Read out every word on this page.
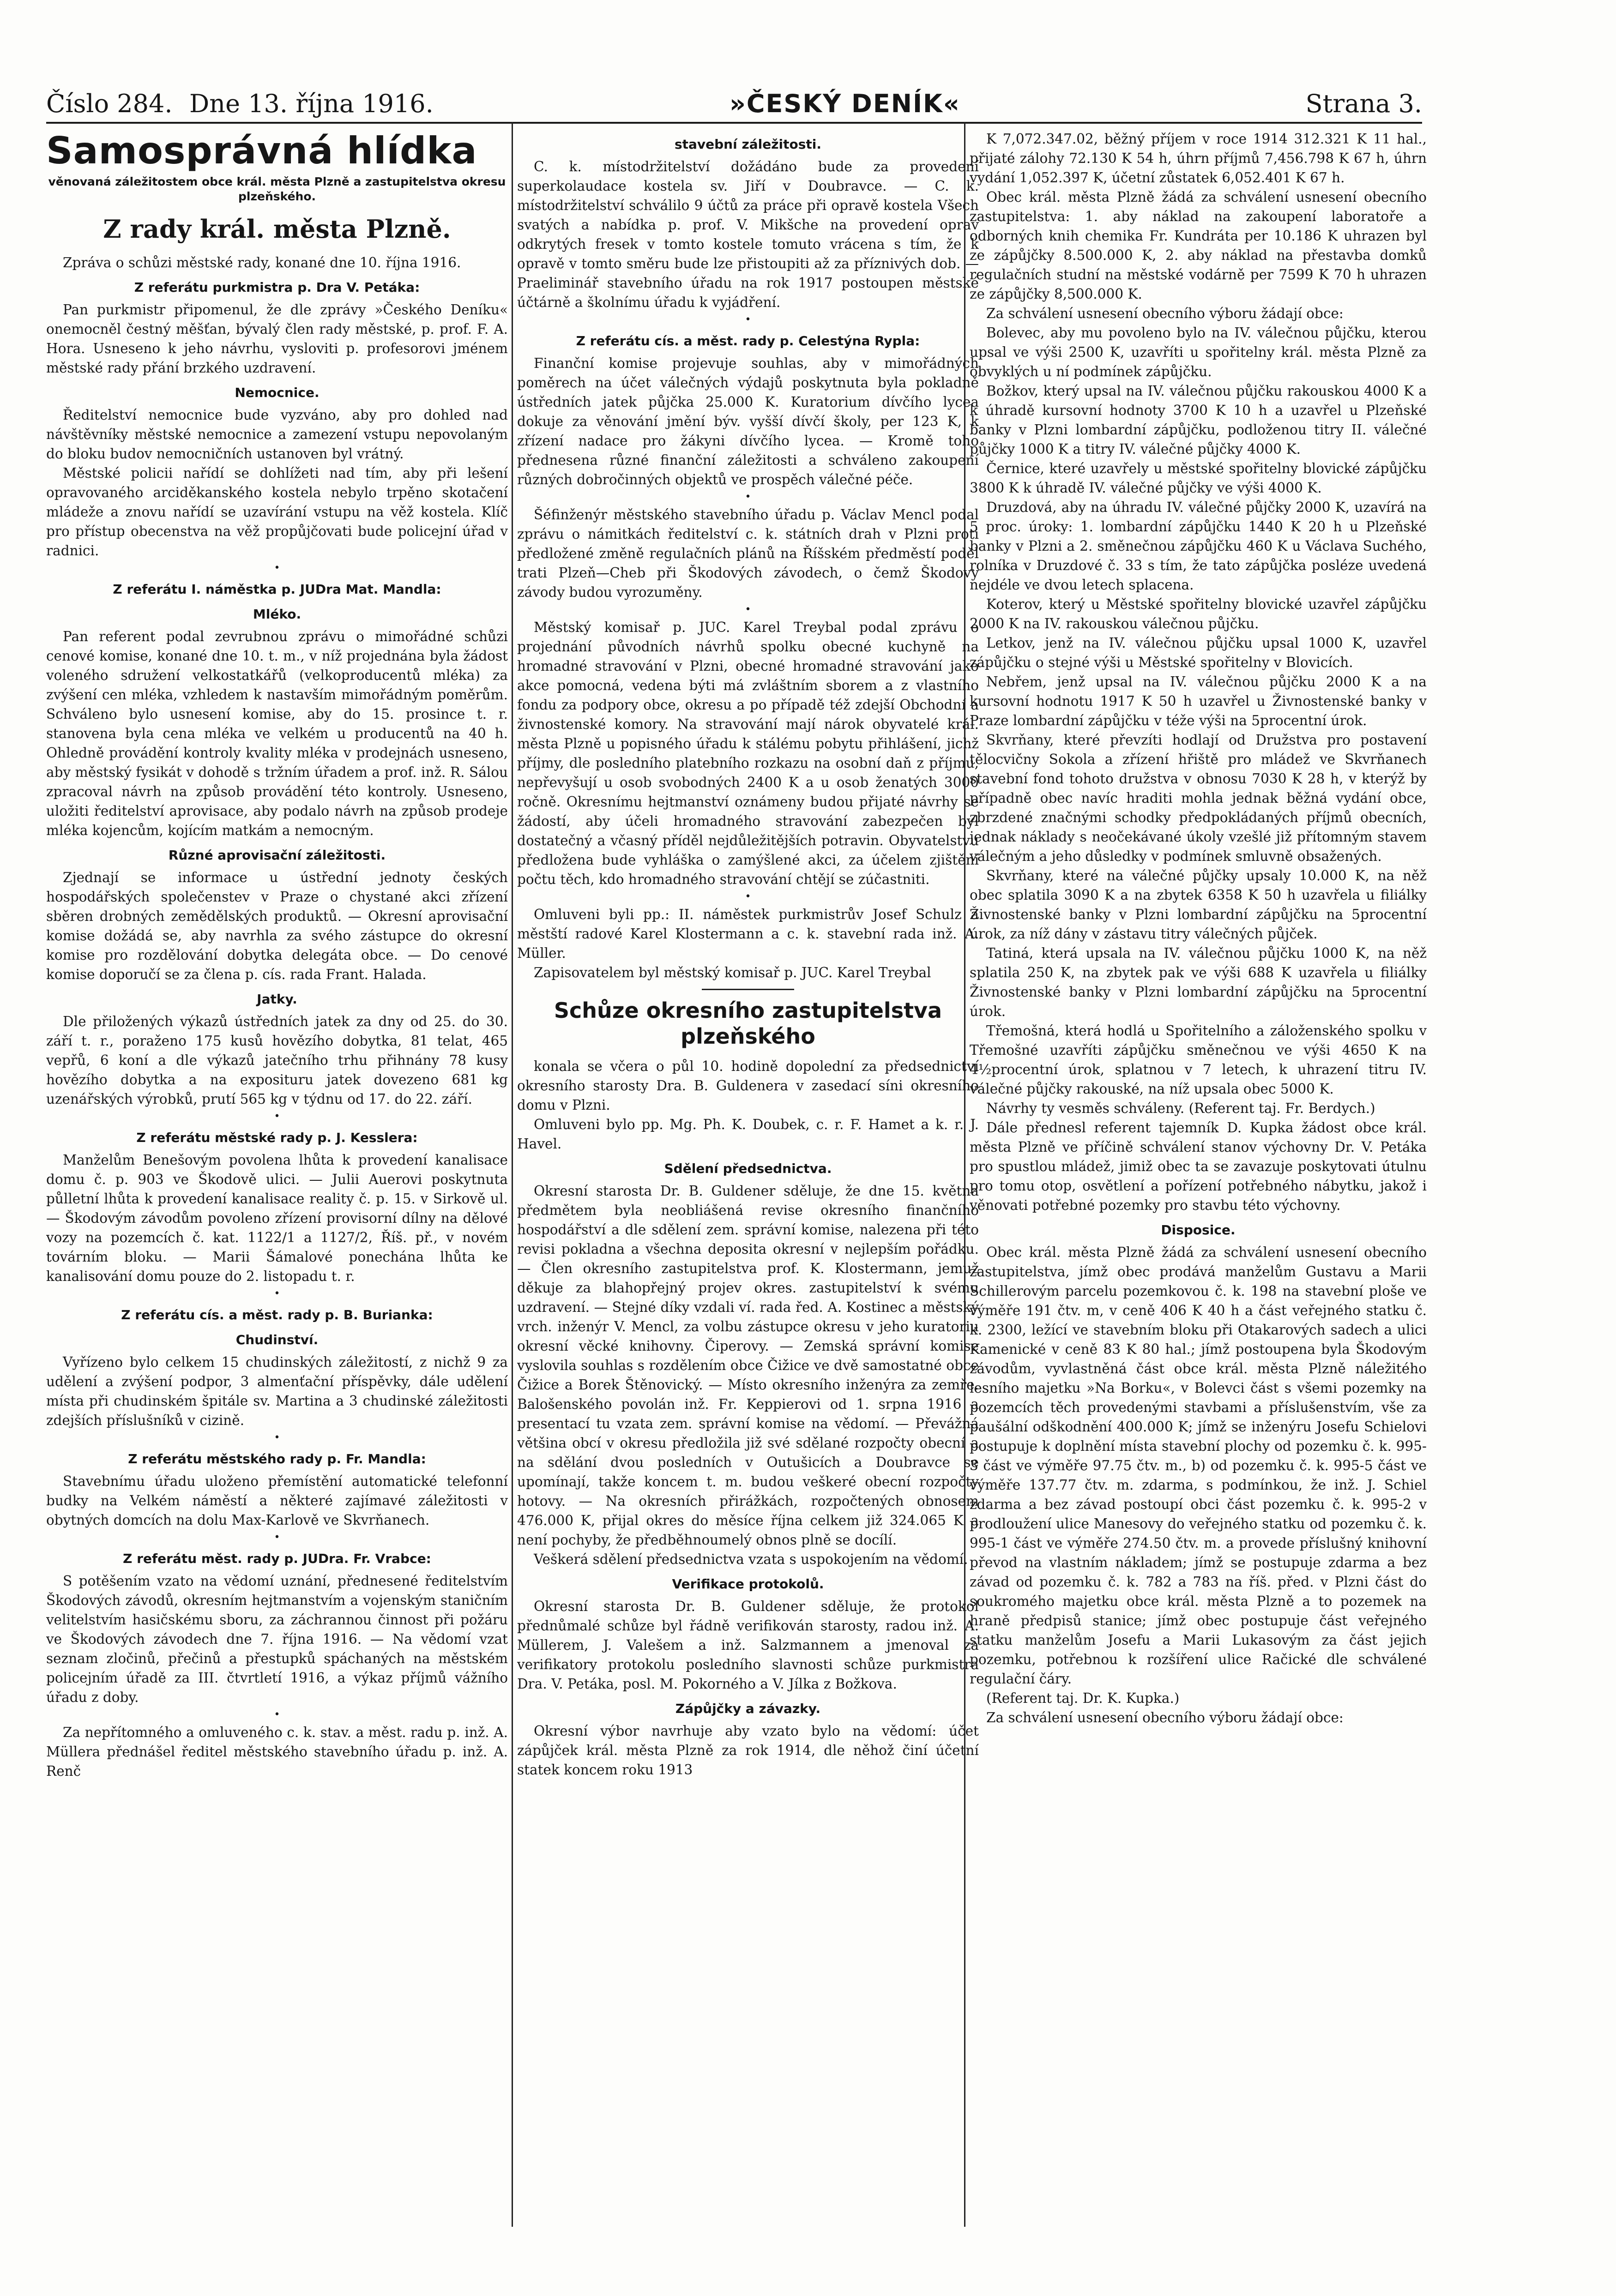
Číslo 284. Dne 13. října 1916.	»ČESKÝ DENÍK«	Strana 3.
Samosprávná hlídka
věnovaná záležitostem obce král. města Plzně a zastupitelstva okresu plzeňského.
Z rady král. města Plzně.

Zpráva o schůzi městské rady, konané dne 10. října 1916.

Z referátu purkmistra p. Dra V. Petáka:

Pan purkmistr připomenul, že dle zprávy »Českého Deníku« onemocněl čestný měšťan, bývalý člen rady městské, p. prof. F. A. Hora. Usneseno k jeho návrhu, vysloviti p. profesorovi jménem městské rady přání brzkého uzdravení.

Nemocnice.

Ředitelství nemocnice bude vyzváno, aby pro dohled nad návštěvníky městské nemocnice a zamezení vstupu nepovolaným do bloku budov nemocničních ustanoven byl vrátný.

Městské policii nařídí se dohlížeti nad tím, aby při lešení opravovaného arciděkanského kostela nebylo trpěno skotačení mládeže a znovu nařídí se uzavírání vstupu na věž kostela. Klíč pro přístup obecenstva na věž propůjčovati bude policejní úřad v radnici.

•

Z referátu I. náměstka p. JUDra Mat. Mandla:
Mléko.

Pan referent podal zevrubnou zprávu o mimořádné schůzi cenové komise, konané dne 10. t. m., v níž projednána byla žádost voleného sdružení velkostatkářů (velkoproducentů mléka) za zvýšení cen mléka, vzhledem k nastavším mimořádným poměrům. Schváleno bylo usnesení komise, aby do 15. prosince t. r. stanovena byla cena mléka ve velkém u producentů na 40 h. Ohledně provádění kontroly kvality mléka v prodejnách usneseno, aby městský fysikát v dohodě s tržním úřadem a prof. inž. R. Sálou zpracoval návrh na způsob provádění této kontroly. Usneseno, uložiti ředitelství aprovisace, aby podalo návrh na způsob prodeje mléka kojencům, kojícím matkám a nemocným.

Různé aprovisační záležitosti.

Zjednají se informace u ústřední jednoty českých hospodářských společenstev v Praze o chystané akci zřízení sběren drobných zemědělských produktů. — Okresní aprovisační komise dožádá se, aby navrhla za svého zástupce do okresní komise pro rozdělování dobytka delegáta obce. — Do cenové komise doporučí se za člena p. cís. rada Frant. Halada.

Jatky.

Dle přiložených výkazů ústředních jatek za dny od 25. do 30. září t. r., poraženo 175 kusů hovězího dobytka, 81 telat, 465 vepřů, 6 koní a dle výkazů jatečního trhu přihnány 78 kusy hovězího dobytka a na exposituru jatek dovezeno 681 kg uzenářských výrobků, prutí 565 kg v týdnu od 17. do 22. září.

•

Z referátu městské rady p. J. Kesslera:

Manželům Benešovým povolena lhůta k provedení kanalisace domu č. p. 903 ve Škodově ulici. — Julii Auerovi poskytnuta půlletní lhůta k provedení kanalisace reality č. p. 15. v Sirkově ul. — Škodovým závodům povoleno zřízení provisorní dílny na dělové vozy na pozemcích č. kat. 1122/1 a 1127/2, Říš. př., v novém továrním bloku. — Marii Šámalové ponechána lhůta ke kanalisování domu pouze do 2. listopadu t. r.

•

Z referátu cís. a měst. rady p. B. Burianka:
Chudinství.

Vyřízeno bylo celkem 15 chudinských záležitostí, z nichž 9 za udělení a zvýšení podpor, 3 almenťační příspěvky, dále udělení místa při chudinském špitále sv. Martina a 3 chudinské záležitosti zdejších příslušníků v cizině.

•

Z referátu městského rady p. Fr. Mandla:

Stavebnímu úřadu uloženo přemístění automatické telefonní budky na Velkém náměstí a některé zajímavé záležitosti v obytných domcích na dolu Max-Karlově ve Skvrňanech.

•

Z referátu měst. rady p. JUDra. Fr. Vrabce:

S potěšením vzato na vědomí uznání, přednesené ředitelstvím Škodových závodů, okresním hejtmanstvím a vojenským staničním velitelstvím hasičskému sboru, za záchrannou činnost při požáru ve Škodových závodech dne 7. října 1916. — Na vědomí vzat seznam zločinů, přečinů a přestupků spáchaných na městském policejním úřadě za III. čtvrtletí 1916, a výkaz příjmů vážního úřadu z doby.

•

Za nepřítomného a omluveného c. k. stav. a měst. radu p. inž. A. Müllera přednášel ředitel městského stavebního úřadu p. inž. A. Renč

stavební záležitosti.

C. k. místodržitelství dožádáno bude za provedení superkolaudace kostela sv. Jiří v Doubravce. — C. k. místodržitelství schválilo 9 účtů za práce při opravě kostela Všech svatých a nabídka p. prof. V. Mikšche na provedení oprav odkrytých fresek v tomto kostele tomuto vrácena s tím, že k opravě v tomto směru bude lze přistoupiti až za příznivých dob. — Praeliminář stavebního úřadu na rok 1917 postoupen městské účtárně a školnímu úřadu k vyjádření.

•

Z referátu cís. a měst. rady p. Celestýna Rypla:

Finanční komise projevuje souhlas, aby v mimořádných poměrech na účet válečných výdajů poskytnuta byla pokladně ústředních jatek půjčka 25.000 K. Kuratorium dívčího lycea dokuje za věnování jmění býv. vyšší dívčí školy, per 123 K, k zřízení nadace pro žákyni dívčího lycea. — Kromě toho přednesena různé finanční záležitosti a schváleno zakoupení různých dobročinných objektů ve prospěch válečné péče.

•

Šéfinženýr městského stavebního úřadu p. Václav Mencl podal zprávu o námitkách ředitelství c. k. státních drah v Plzni proti předložené změně regulačních plánů na Říšském předměstí poděl trati Plzeň—Cheb při Škodových závodech, o čemž Škodovy závody budou vyrozuměny.

•

Městský komisař p. JUC. Karel Treybal podal zprávu o projednání původních návrhů spolku obecné kuchyně na hromadné stravování v Plzni, obecné hromadné stravování jako akce pomocná, vedena býti má zvláštním sborem a z vlastního fondu za podpory obce, okresu a po případě též zdejší Obchodní a živnostenské komory. Na stravování mají nárok obyvatelé král. města Plzně u popisného úřadu k stálému pobytu přihlášení, jichž příjmy, dle posledního platebního rozkazu na osobní daň z příjmu, nepřevyšují u osob svobodných 2400 K a u osob ženatých 3000 ročně. Okresnímu hejtmanství oznámeny budou přijaté návrhy se žádostí, aby účeli hromadného stravování zabezpečen byl dostatečný a včasný příděl nejdůležitějších potravin. Obyvatelstvu předložena bude vyhláška o zamýšlené akci, za účelem zjištění počtu těch, kdo hromadného stravování chtějí se zúčastniti.

•

Omluveni byli pp.: II. náměstek purkmistrův Josef Schulz a městští radové Karel Klostermann a c. k. stavební rada inž. A. Müller.

Zapisovatelem byl městský komisař p. JUC. Karel Treybal

Schůze okresního zastupitelstva plzeňského

konala se včera o půl 10. hodině dopolední za předsednictví okresního starosty Dra. B. Guldenera v zasedací síni okresního domu v Plzni.

Omluveni bylo pp. Mg. Ph. K. Doubek, c. r. F. Hamet a k. r. J. Havel.

Sdělení předsednictva.

Okresní starosta Dr. B. Guldener sděluje, že dne 15. května předmětem byla neobliášená revise okresního finančního hospodářství a dle sdělení zem. správní komise, nalezena při této revisi pokladna a všechna deposita okresní v nejlepším pořádku. — Člen okresního zastupitelstva prof. K. Klostermann, jemuž děkuje za blahopřejný projev okres. zastupitelství k svému uzdravení. — Stejné díky vzdali ví. rada řed. A. Kostinec a městský vrch. inženýr V. Mencl, za volbu zástupce okresu v jeho kuratoriu okresní věcké knihovny. Čiperovy. — Zemská správní komise vyslovila souhlas s rozdělením obce Čižice ve dvě samostatné obce Čižice a Borek Štěnovický. — Místo okresního inženýra za zemře. Balošenského povolán inž. Fr. Keppierovi od 1. srpna 1916 a presentací tu vzata zem. správní komise na vědomí. — Převážná většina obcí v okresu předložila již své sdělané rozpočty obecní a na sdělání dvou posledních v Outušicích a Doubravce se upomínají, takže koncem t. m. budou veškeré obecní rozpočty hotovy. — Na okresních přirážkách, rozpočtených obnosem 476.000 K, přijal okres do měsíce října celkem již 324.065 K a není pochyby, že předběhnoumelý obnos plně se docílí.

Veškerá sdělení předsednictva vzata s uspokojením na vědomí.

Verifikace protokolů.

Okresní starosta Dr. B. Guldener sděluje, že protokol přednůmalé schůze byl řádně verifikován starosty, radou inž. A. Müllerem, J. Valešem a inž. Salzmannem a jmenoval za verifikatory protokolu posledního slavnosti schůze purkmistra Dra. V. Petáka, posl. M. Pokorného a V. Jílka z Božkova.

Zápůjčky a závazky.

Okresní výbor navrhuje aby vzato bylo na vědomí: účet zápůjček král. města Plzně za rok 1914, dle něhož činí účetní statek koncem roku 1913

K 7,072.347.02, běžný příjem v roce 1914 312.321 K 11 hal., přijaté zálohy 72.130 K 54 h, úhrn příjmů 7,456.798 K 67 h, úhrn vydání 1,052.397 K, účetní zůstatek 6,052.401 K 67 h.

Obec král. města Plzně žádá za schválení usnesení obecního zastupitelstva: 1. aby náklad na zakoupení laboratoře a odborných knih chemika Fr. Kundráta per 10.186 K uhrazen byl ze zápůjčky 8.500.000 K, 2. aby náklad na přestavba domků regulačních studní na městské vodárně per 7599 K 70 h uhrazen ze zápůjčky 8,500.000 K.

Za schválení usnesení obecního výboru žádají obce:

Bolevec, aby mu povoleno bylo na IV. válečnou půjčku, kterou upsal ve výši 2500 K, uzavříti u spořitelny král. města Plzně za obvyklých u ní podmínek zápůjčku.

Božkov, který upsal na IV. válečnou půjčku rakouskou 4000 K a k úhradě kursovní hodnoty 3700 K 10 h a uzavřel u Plzeňské banky v Plzni lombardní zápůjčku, podloženou titry II. válečné půjčky 1000 K a titry IV. válečné půjčky 4000 K.

Černice, které uzavřely u městské spořitelny blovické zápůjčku 3800 K k úhradě IV. válečné půjčky ve výši 4000 K.

Druzdová, aby na úhradu IV. válečné půjčky 2000 K, uzavírá na 5 proc. úroky: 1. lombardní zápůjčku 1440 K 20 h u Plzeňské banky v Plzni a 2. směnečnou zápůjčku 460 K u Václava Suchého, rolníka v Druzdové č. 33 s tím, že tato zápůjčka posléze uvedená nejdéle ve dvou letech splacena.

Koterov, který u Městské spořitelny blovické uzavřel zápůjčku 2000 K na IV. rakouskou válečnou půjčku.

Letkov, jenž na IV. válečnou půjčku upsal 1000 K, uzavřel zápůjčku o stejné výši u Městské spořitelny v Blovicích.

Nebřem, jenž upsal na IV. válečnou půjčku 2000 K a na kursovní hodnotu 1917 K 50 h uzavřel u Živnostenské banky v Praze lombardní zápůjčku v téže výši na 5procentní úrok.

Skvrňany, které převzíti hodlají od Družstva pro postavení tělocvičny Sokola a zřízení hřiště pro mládež ve Skvrňanech stavební fond tohoto družstva v obnosu 7030 K 28 h, v kterýž by případně obec navíc hraditi mohla jednak běžná vydání obce, zbrzdené značnými schodky předpokládaných příjmů obecních, jednak náklady s neočekávané úkoly vzešlé již přítomným stavem válečným a jeho důsledky v podmínek smluvně obsažených.

Skvrňany, které na válečné půjčky upsaly 10.000 K, na něž obec splatila 3090 K a na zbytek 6358 K 50 h uzavřela u filiálky Živnostenské banky v Plzni lombardní zápůjčku na 5procentní úrok, za níž dány v zástavu titry válečných půjček.

Tatiná, která upsala na IV. válečnou půjčku 1000 K, na něž splatila 250 K, na zbytek pak ve výši 688 K uzavřela u filiálky Živnostenské banky v Plzni lombardní zápůjčku na 5procentní úrok.

Třemošná, která hodlá u Spořitelního a záloženského spolku v Třemošné uzavříti zápůjčku směnečnou ve výši 4650 K na 4½procentní úrok, splatnou v 7 letech, k uhrazení titru IV. válečné půjčky rakouské, na níž upsala obec 5000 K.

Návrhy ty vesměs schváleny. (Referent taj. Fr. Berdych.)

Dále přednesl referent tajemník D. Kupka žádost obce král. města Plzně ve příčině schválení stanov výchovny Dr. V. Petáka pro spustlou mládež, jimiž obec ta se zavazuje poskytovati útulnu pro tomu otop, osvětlení a pořízení potřebného nábytku, jakož i věnovati potřebné pozemky pro stavbu této výchovny.

Disposice.

Obec král. města Plzně žádá za schválení usnesení obecního zastupitelstva, jímž obec prodává manželům Gustavu a Marii Schillerovým parcelu pozemkovou č. k. 198 na stavební ploše ve výměře 191 čtv. m, v ceně 406 K 40 h a část veřejného statku č. k. 2300, ležící ve stavebním bloku při Otakarových sadech a ulici Kamenické v ceně 83 K 80 hal.; jímž postoupena byla Škodovým závodům, vyvlastněná část obce král. města Plzně náležitého lesního majetku »Na Borku«, v Bolevci část s všemi pozemky na pozemcích těch provedenými stavbami a příslušenstvím, vše za paušální odškodnění 400.000 K; jímž se inženýru Josefu Schielovi postupuje k doplnění místa stavební plochy od pozemku č. k. 995-3 část ve výměře 97.75 čtv. m., b) od pozemku č. k. 995-5 část ve výměře 137.77 čtv. m. zdarma, s podmínkou, že inž. J. Schiel zdarma a bez závad postoupí obci část pozemku č. k. 995-2 v prodloužení ulice Manesovy do veřejného statku od pozemku č. k. 995-1 část ve výměře 274.50 čtv. m. a provede příslušný knihovní převod na vlastním nákladem; jímž se postupuje zdarma a bez závad od pozemku č. k. 782 a 783 na říš. před. v Plzni část do soukromého majetku obce král. města Plzně a to pozemek na hraně předpisů stanice; jímž obec postupuje část veřejného statku manželům Josefu a Marii Lukasovým za část jejich pozemku, potřebnou k rozšíření ulice Račické dle schválené regulační čáry.

(Referent taj. Dr. K. Kupka.)

Za schválení usnesení obecního výboru žádají obce:
